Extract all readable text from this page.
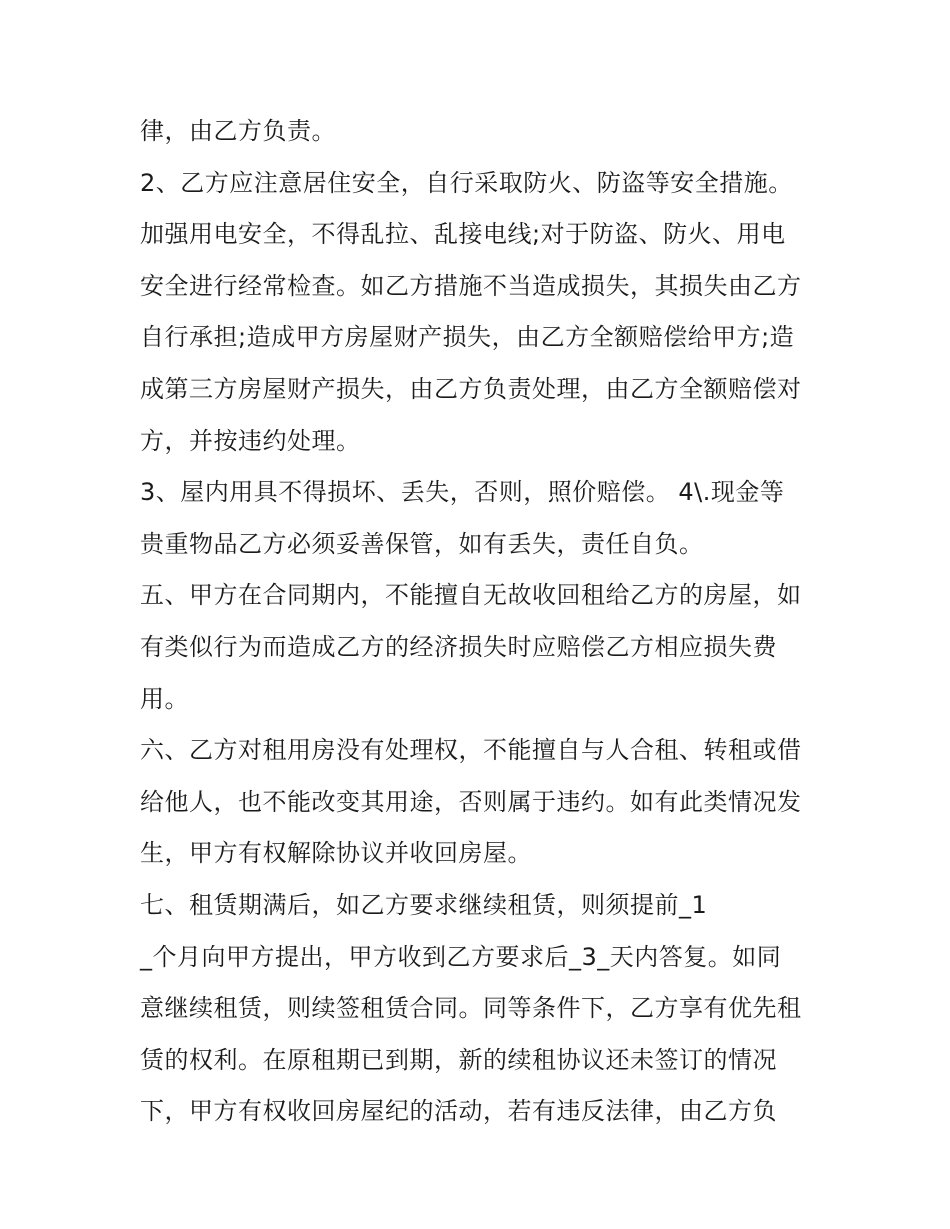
律，由乙方负责。
2、乙方应注意居住安全，自行采取防火、防盗等安全措施。
加强用电安全，不得乱拉、乱接电线;对于防盗、防火、用电
安全进行经常检查。如乙方措施不当造成损失，其损失由乙方
自行承担;造成甲方房屋财产损失，由乙方全额赔偿给甲方;造
成第三方房屋财产损失，由乙方负责处理，由乙方全额赔偿对
方，并按违约处理。
3、屋内用具不得损坏、丢失，否则，照价赔偿。 4\.现金等
贵重物品乙方必须妥善保管，如有丢失，责任自负。
五、甲方在合同期内，不能擅自无故收回租给乙方的房屋，如
有类似行为而造成乙方的经济损失时应赔偿乙方相应损失费
用。
六、乙方对租用房没有处理权，不能擅自与人合租、转租或借
给他人，也不能改变其用途，否则属于违约。如有此类情况发
生，甲方有权解除协议并收回房屋。
七、租赁期满后，如乙方要求继续租赁，则须提前_1
_个月向甲方提出，甲方收到乙方要求后_3_天内答复。如同
意继续租赁，则续签租赁合同。同等条件下，乙方享有优先租
赁的权利。在原租期已到期，新的续租协议还未签订的情况
下，甲方有权收回房屋纪的活动，若有违反法律，由乙方负
